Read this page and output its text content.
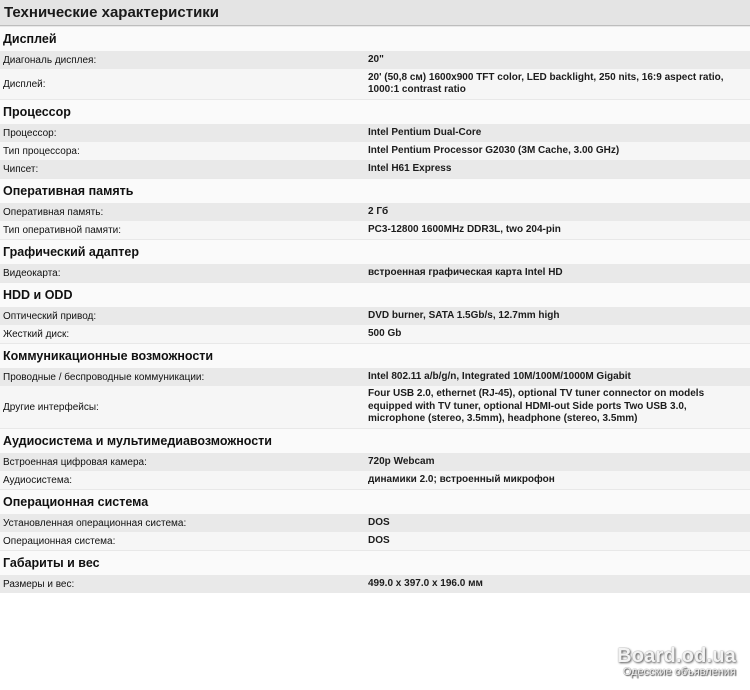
Технические характеристики
Дисплей
Диагональ дисплея:	20"
Дисплей:
20' (50,8 см) 1600x900 TFT color, LED backlight, 250 nits, 16:9 aspect ratio, 1000:1 contrast ratio
Процессор
Процессор:	Intel Pentium Dual-Core
Тип процессора:	Intel Pentium Processor G2030 (3M Cache, 3.00 GHz)
Чипсет:	Intel H61 Express
Оперативная память
Оперативная память:	2 Гб
Тип оперативной памяти:	PC3-12800 1600MHz DDR3L, two 204-pin
Графический адаптер
Видеокарта:	встроенная графическая карта Intel HD
HDD и ODD
Оптический привод:	DVD burner, SATA 1.5Gb/s, 12.7mm high
Жесткий диск:	500 Gb
Коммуникационные возможности
Проводные / беспроводные коммуникации:	Intel 802.11 a/b/g/n, Integrated 10M/100M/1000M Gigabit
Другие интерфейсы:
Four USB 2.0, ethernet (RJ-45), optional TV tuner connector on models equipped with TV tuner, optional HDMI-out Side ports Two USB 3.0, microphone (stereo, 3.5mm), headphone (stereo, 3.5mm)
Аудиосистема и мультимедиавозможности
Встроенная цифровая камера:	720p Webcam
Аудиосистема:	динамики 2.0; встроенный микрофон
Операционная система
Установленная операционная система:	DOS
Операционная система:	DOS
Габариты и вес
Размеры и вес:	499.0 x 397.0 x 196.0 мм
Board.od.ua
Одесские объявления
